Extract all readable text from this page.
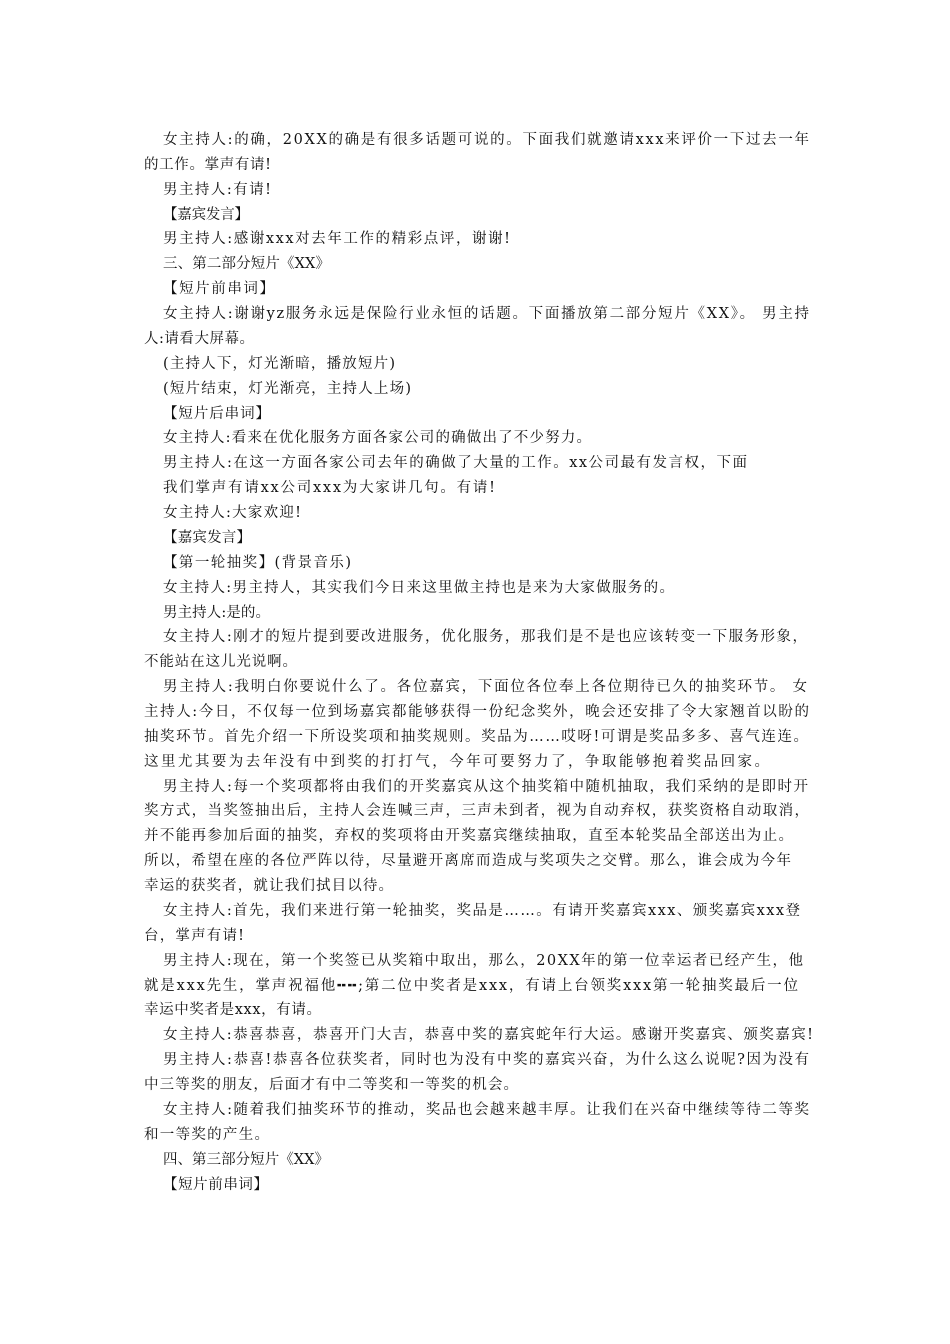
女主持人:的确，20XX的确是有很多话题可说的。下面我们就邀请xxx来评价一下过去一年
的工作。掌声有请!
男主持人:有请!
【嘉宾发言】
男主持人:感谢xxx对去年工作的精彩点评，谢谢!
三、第二部分短片《XX》
【短片前串词】
女主持人:谢谢yz服务永远是保险行业永恒的话题。下面播放第二部分短片《XX》。 男主持
人:请看大屏幕。
(主持人下，灯光渐暗，播放短片)
(短片结束，灯光渐亮，主持人上场)
【短片后串词】
女主持人:看来在优化服务方面各家公司的确做出了不少努力。
男主持人:在这一方面各家公司去年的确做了大量的工作。xx公司最有发言权，下面
我们掌声有请xx公司xxx为大家讲几句。有请!
女主持人:大家欢迎!
【嘉宾发言】
【第一轮抽奖】(背景音乐)
女主持人:男主持人，其实我们今日来这里做主持也是来为大家做服务的。
男主持人:是的。
女主持人:刚才的短片提到要改进服务，优化服务，那我们是不是也应该转变一下服务形象，
不能站在这儿光说啊。
男主持人:我明白你要说什么了。各位嘉宾，下面位各位奉上各位期待已久的抽奖环节。 女
主持人:今日，不仅每一位到场嘉宾都能够获得一份纪念奖外，晚会还安排了令大家翘首以盼的
抽奖环节。首先介绍一下所设奖项和抽奖规则。奖品为……哎呀!可谓是奖品多多、喜气连连。
这里尤其要为去年没有中到奖的打打气，今年可要努力了，争取能够抱着奖品回家。
男主持人:每一个奖项都将由我们的开奖嘉宾从这个抽奖箱中随机抽取，我们采纳的是即时开
奖方式，当奖签抽出后，主持人会连喊三声，三声未到者，视为自动弃权，获奖资格自动取消，
并不能再参加后面的抽奖，弃权的奖项将由开奖嘉宾继续抽取，直至本轮奖品全部送出为止。
所以，希望在座的各位严阵以待，尽量避开离席而造成与奖项失之交臂。那么，谁会成为今年
幸运的获奖者，就让我们拭目以待。
女主持人:首先，我们来进行第一轮抽奖，奖品是……。有请开奖嘉宾xxx、颁奖嘉宾xxx登
台，掌声有请!
男主持人:现在，第一个奖签已从奖箱中取出，那么，20XX年的第一位幸运者已经产生，他
就是xxx先生，掌声祝福他╍╍;第二位中奖者是xxx，有请上台领奖xxx第一轮抽奖最后一位
幸运中奖者是xxx，有请。
女主持人:恭喜恭喜，恭喜开门大吉，恭喜中奖的嘉宾蛇年行大运。感谢开奖嘉宾、颁奖嘉宾!
男主持人:恭喜!恭喜各位获奖者，同时也为没有中奖的嘉宾兴奋，为什么这么说呢?因为没有
中三等奖的朋友，后面才有中二等奖和一等奖的机会。
女主持人:随着我们抽奖环节的推动，奖品也会越来越丰厚。让我们在兴奋中继续等待二等奖
和一等奖的产生。
四、第三部分短片《XX》
【短片前串词】
